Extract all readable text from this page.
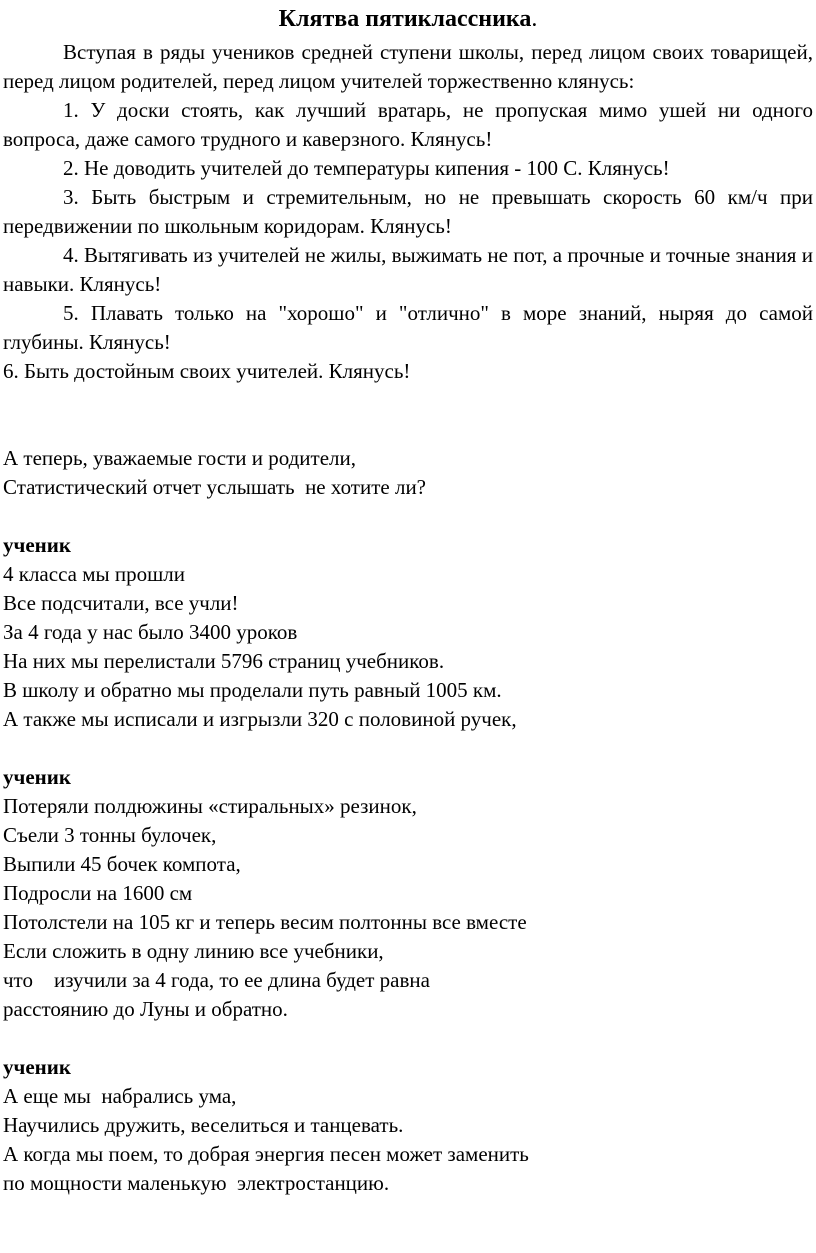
Клятва пятиклассника.

Вступая в ряды учеников средней ступени школы, перед лицом своих товарищей, перед лицом родителей, перед лицом учителей торжественно клянусь:

1. У доски стоять, как лучший вратарь, не пропуская мимо ушей ни одного вопроса, даже самого трудного и каверзного. Клянусь!

2. Не доводить учителей до температуры кипения - 100 С. Клянусь!

3. Быть быстрым и стремительным, но не превышать скорость 60 км/ч при передвижении по школьным коридорам. Клянусь!

4. Вытягивать из учителей не жилы, выжимать не пот, а прочные и точные знания и навыки. Клянусь!

5. Плавать только на "хорошо" и "отлично" в море знаний, ныряя до самой глубины. Клянусь!

6. Быть достойным своих учителей. Клянусь!

А теперь, уважаемые гости и родители,
Статистический отчет услышать  не хотите ли?
ученик
4 класса мы прошли
Все подсчитали, все учли!
За 4 года у нас было 3400 уроков
На них мы перелистали 5796 страниц учебников.
В школу и обратно мы проделали путь равный 1005 км.
А также мы исписали и изгрызли 320 с половиной ручек,
ученик
Потеряли полдюжины «стиральных» резинок,
Съели 3 тонны булочек,
Выпили 45 бочек компота,
Подросли на 1600 см
Потолстели на 105 кг и теперь весим полтонны все вместе
Если сложить в одну линию все учебники,
что    изучили за 4 года, то ее длина будет равна
расстоянию до Луны и обратно.
ученик
А еще мы  набрались ума,
Научились дружить, веселиться и танцевать.
А когда мы поем, то добрая энергия песен может заменить
по мощности маленькую  электростанцию.
